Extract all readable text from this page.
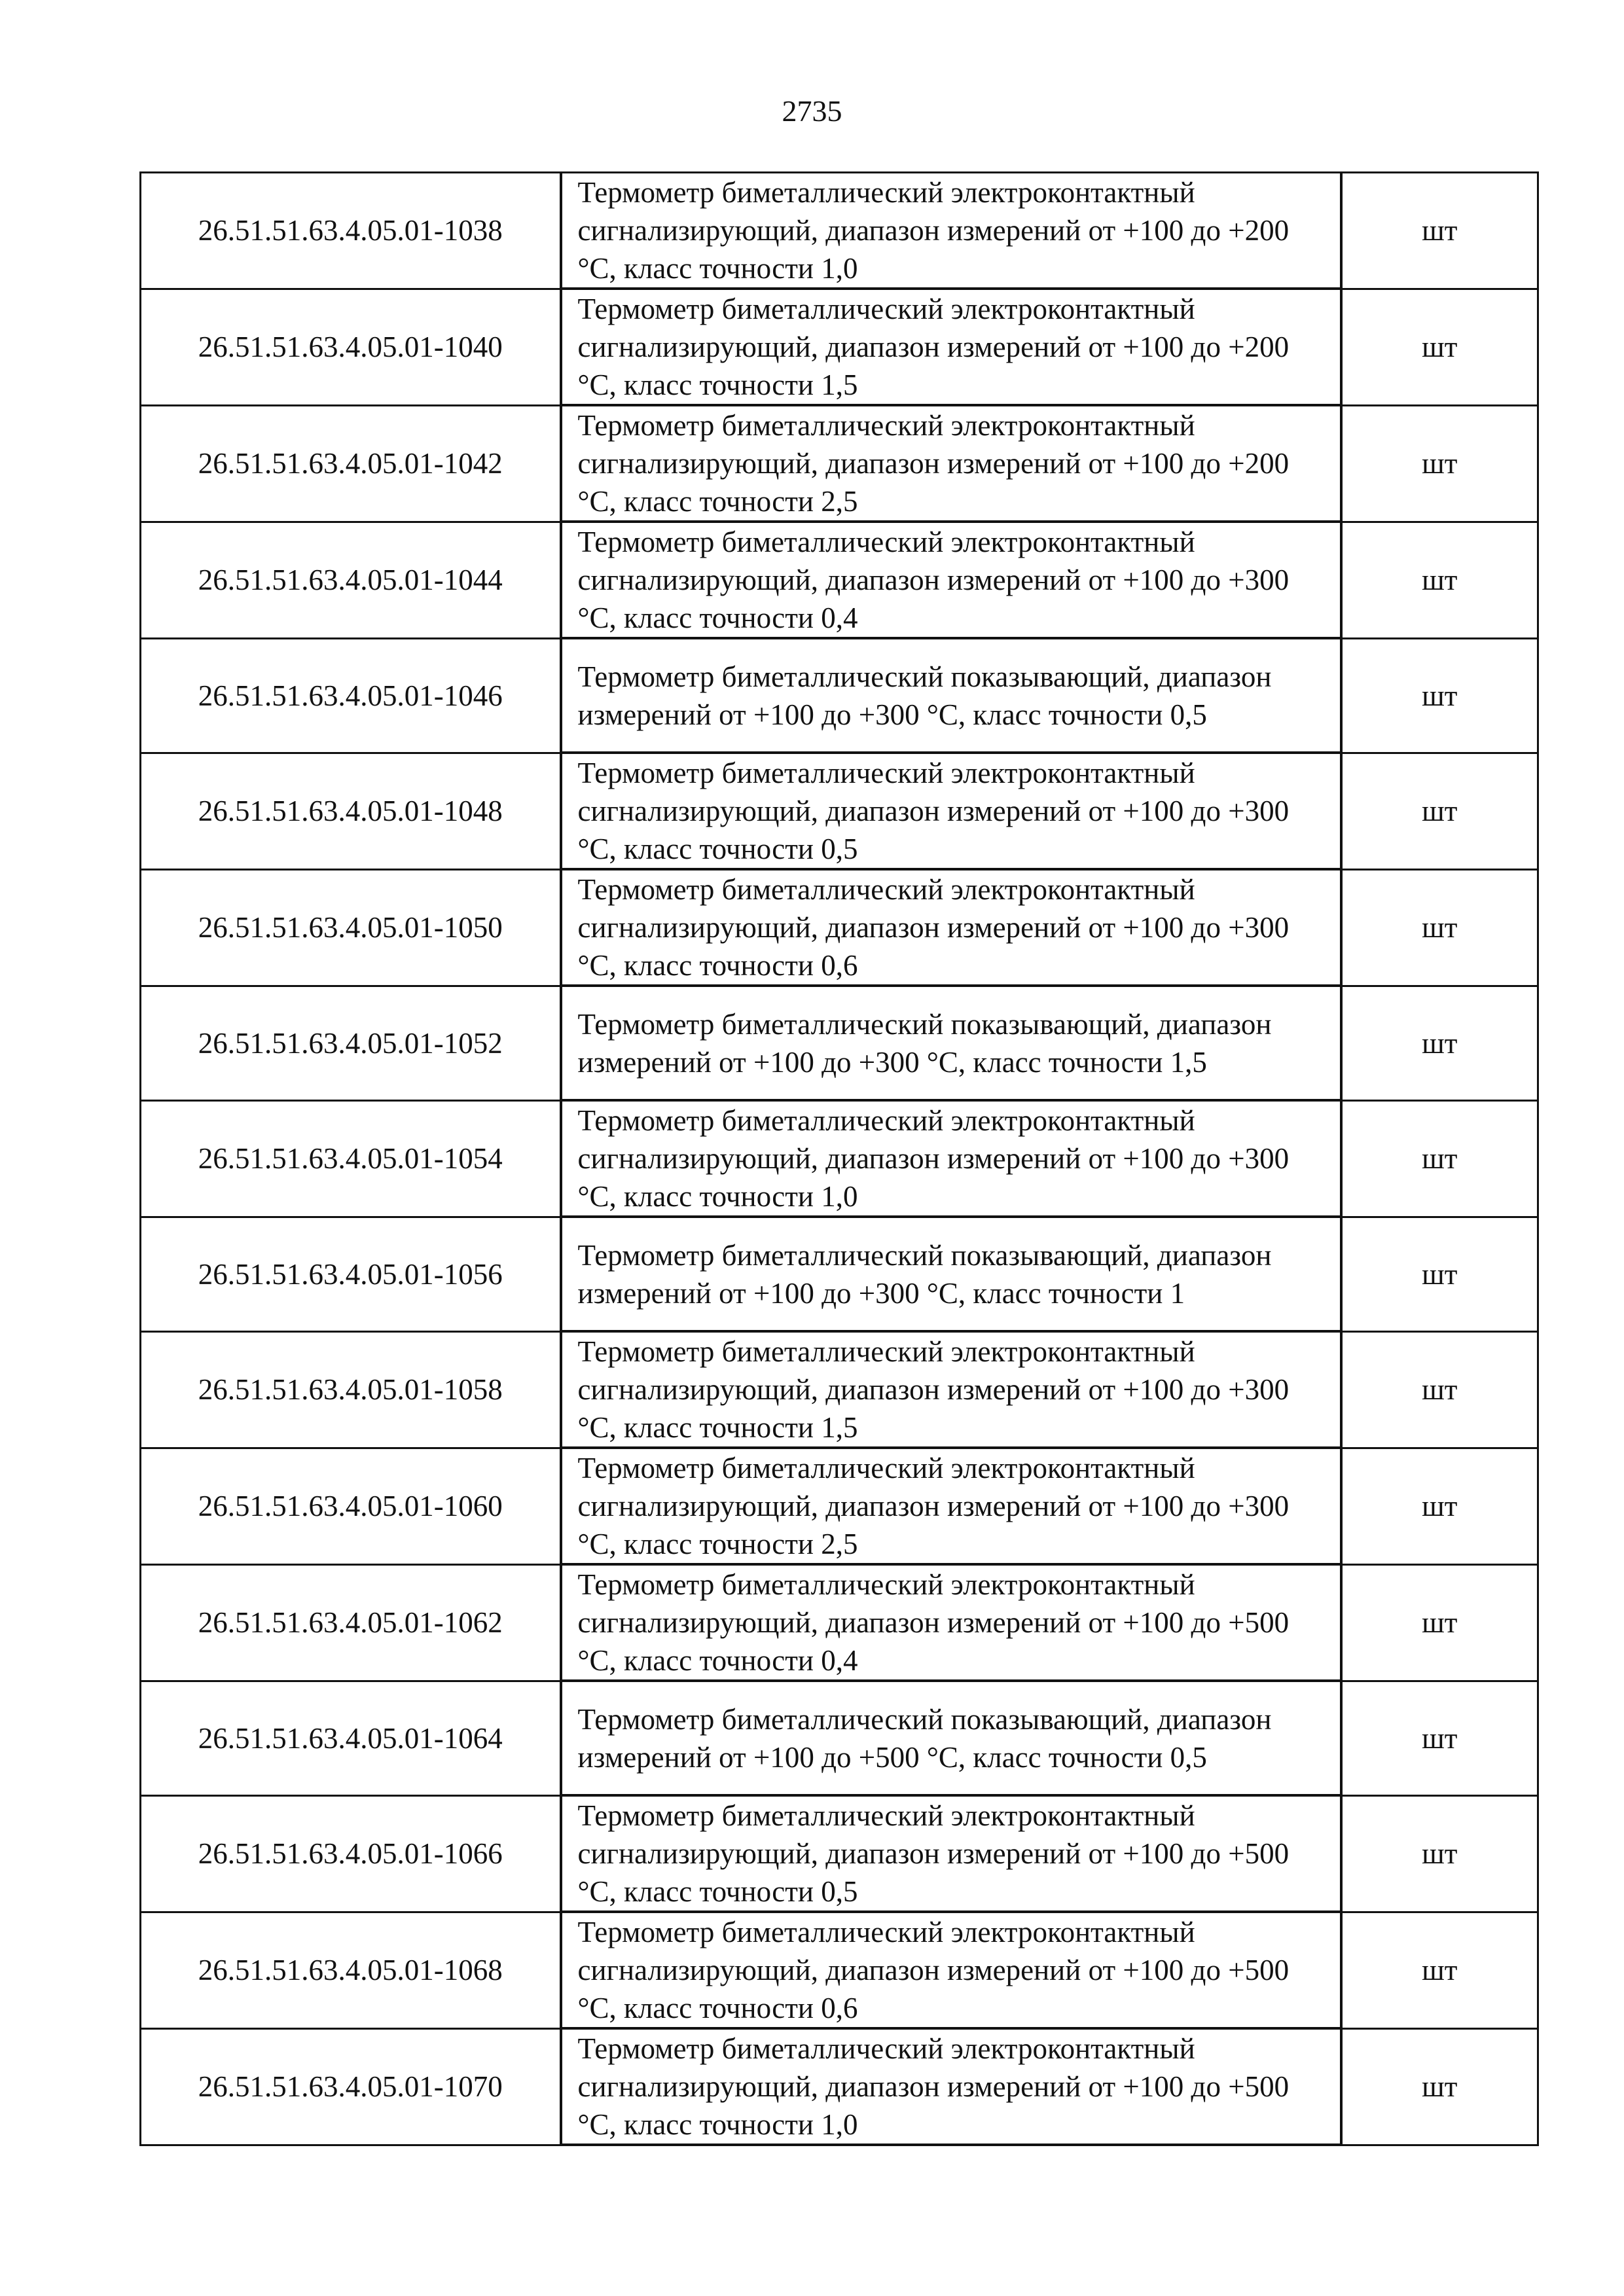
2735
26.51.51.63.4.05.01-1038	Термометр биметаллический электроконтактный сигнализирующий, диапазон измерений от +100 до +200 °С, класс точности 1,0	шт
26.51.51.63.4.05.01-1040	Термометр биметаллический электроконтактный сигнализирующий, диапазон измерений от +100 до +200 °С, класс точности 1,5	шт
26.51.51.63.4.05.01-1042	Термометр биметаллический электроконтактный сигнализирующий, диапазон измерений от +100 до +200 °С, класс точности 2,5	шт
26.51.51.63.4.05.01-1044	Термометр биметаллический электроконтактный сигнализирующий, диапазон измерений от +100 до +300 °С, класс точности 0,4	шт
26.51.51.63.4.05.01-1046	Термометр биметаллический показывающий, диапазон измерений от +100 до +300 °С, класс точности 0,5	шт
26.51.51.63.4.05.01-1048	Термометр биметаллический электроконтактный сигнализирующий, диапазон измерений от +100 до +300 °С, класс точности 0,5	шт
26.51.51.63.4.05.01-1050	Термометр биметаллический электроконтактный сигнализирующий, диапазон измерений от +100 до +300 °С, класс точности 0,6	шт
26.51.51.63.4.05.01-1052	Термометр биметаллический показывающий, диапазон измерений от +100 до +300 °С, класс точности 1,5	шт
26.51.51.63.4.05.01-1054	Термометр биметаллический электроконтактный сигнализирующий, диапазон измерений от +100 до +300 °С, класс точности 1,0	шт
26.51.51.63.4.05.01-1056	Термометр биметаллический показывающий, диапазон измерений от +100 до +300 °С, класс точности 1	шт
26.51.51.63.4.05.01-1058	Термометр биметаллический электроконтактный сигнализирующий, диапазон измерений от +100 до +300 °С, класс точности 1,5	шт
26.51.51.63.4.05.01-1060	Термометр биметаллический электроконтактный сигнализирующий, диапазон измерений от +100 до +300 °С, класс точности 2,5	шт
26.51.51.63.4.05.01-1062	Термометр биметаллический электроконтактный сигнализирующий, диапазон измерений от +100 до +500 °С, класс точности 0,4	шт
26.51.51.63.4.05.01-1064	Термометр биметаллический показывающий, диапазон измерений от +100 до +500 °С, класс точности 0,5	шт
26.51.51.63.4.05.01-1066	Термометр биметаллический электроконтактный сигнализирующий, диапазон измерений от +100 до +500 °С, класс точности 0,5	шт
26.51.51.63.4.05.01-1068	Термометр биметаллический электроконтактный сигнализирующий, диапазон измерений от +100 до +500 °С, класс точности 0,6	шт
26.51.51.63.4.05.01-1070	Термометр биметаллический электроконтактный сигнализирующий, диапазон измерений от +100 до +500 °С, класс точности 1,0	шт
